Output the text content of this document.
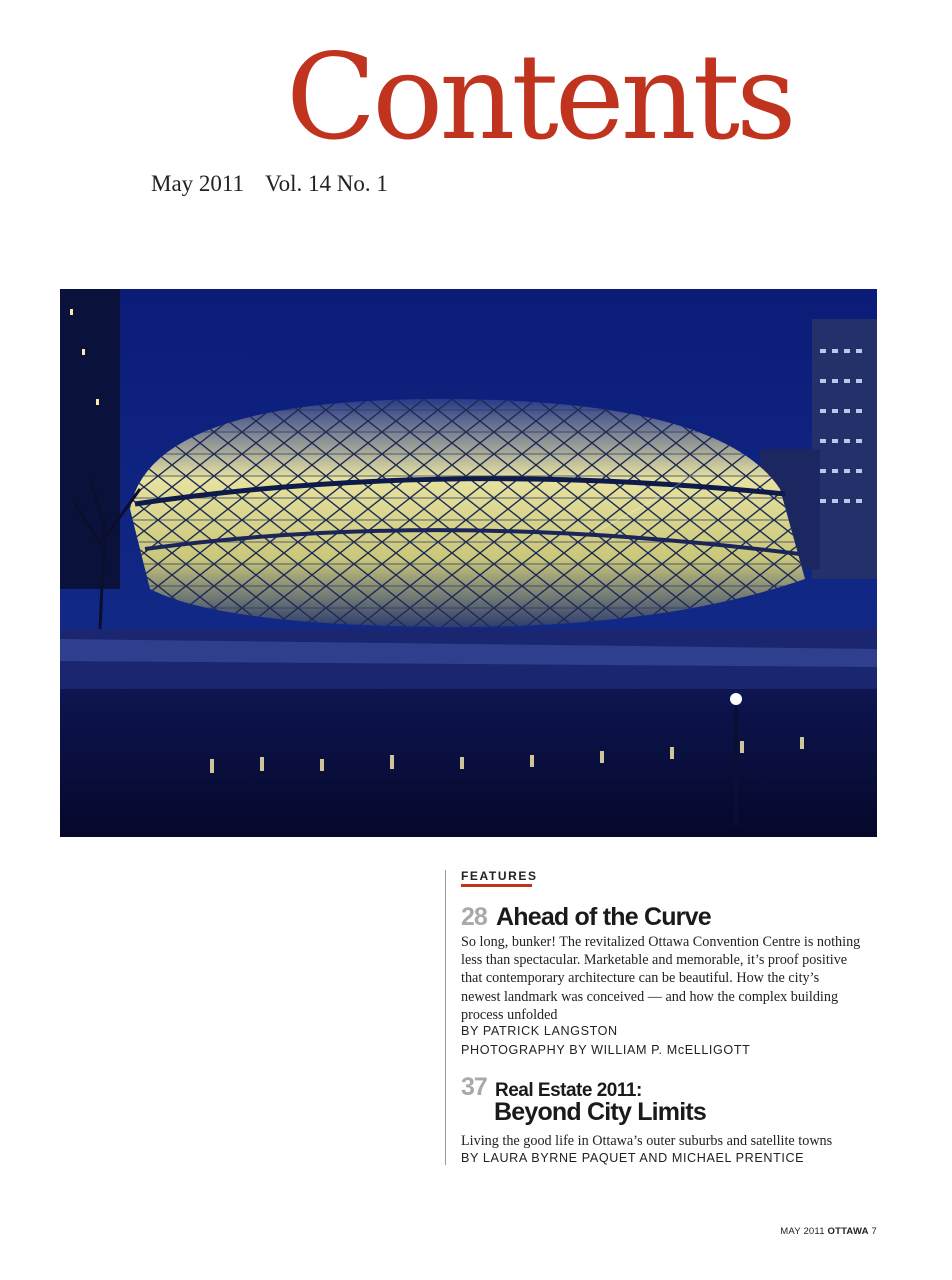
Contents
May 2011 Vol. 14 No. 1
FEATURES
28 Ahead of the Curve

So long, bunker! The revitalized Ottawa Convention Centre is nothing less than spectacular. Marketable and memorable, it’s proof positive that contemporary architecture can be beautiful. How the city’s newest landmark was conceived — and how the complex building process unfolded

BY PATRICK LANGSTON
PHOTOGRAPHY BY WILLIAM P. McELLIGOTT
37 Real Estate 2011:
Beyond City Limits

Living the good life in Ottawa’s outer suburbs and satellite towns

BY LAURA BYRNE PAQUET AND MICHAEL PRENTICE
MAY 2011 OTTAWA 7
